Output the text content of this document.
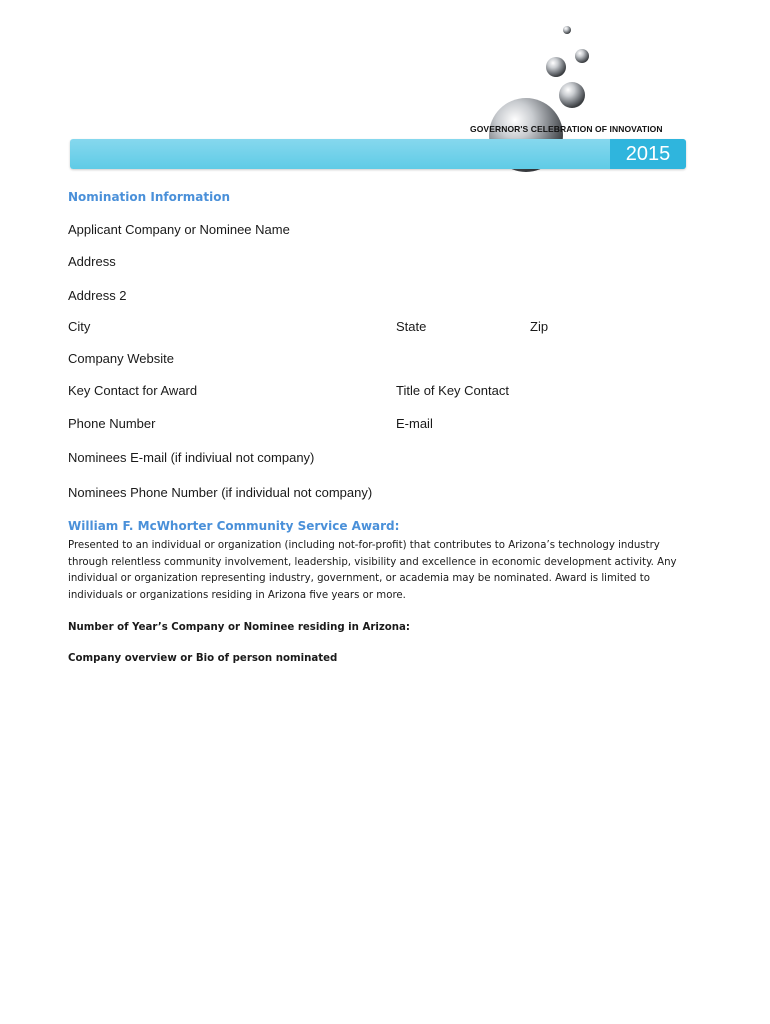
GOVERNOR'S CELEBRATION OF INNOVATION
2015
Nomination Information
Applicant Company or Nominee Name
Address
Address 2
City	State	Zip
Company Website
Key Contact for Award	Title of Key Contact
Phone Number	E-mail
Nominees E-mail (if indiviual not company)
Nominees Phone Number (if individual not company)
William F. McWhorter Community Service Award:
Presented to an individual or organization (including not-for-profit) that contributes to Arizona’s technology industry through relentless community involvement, leadership, visibility and excellence in economic development activity. Any individual or organization representing industry, government, or academia may be nominated. Award is limited to individuals or organizations residing in Arizona five years or more.
Number of Year’s Company or Nominee residing in Arizona:
Company overview or Bio of person nominated
